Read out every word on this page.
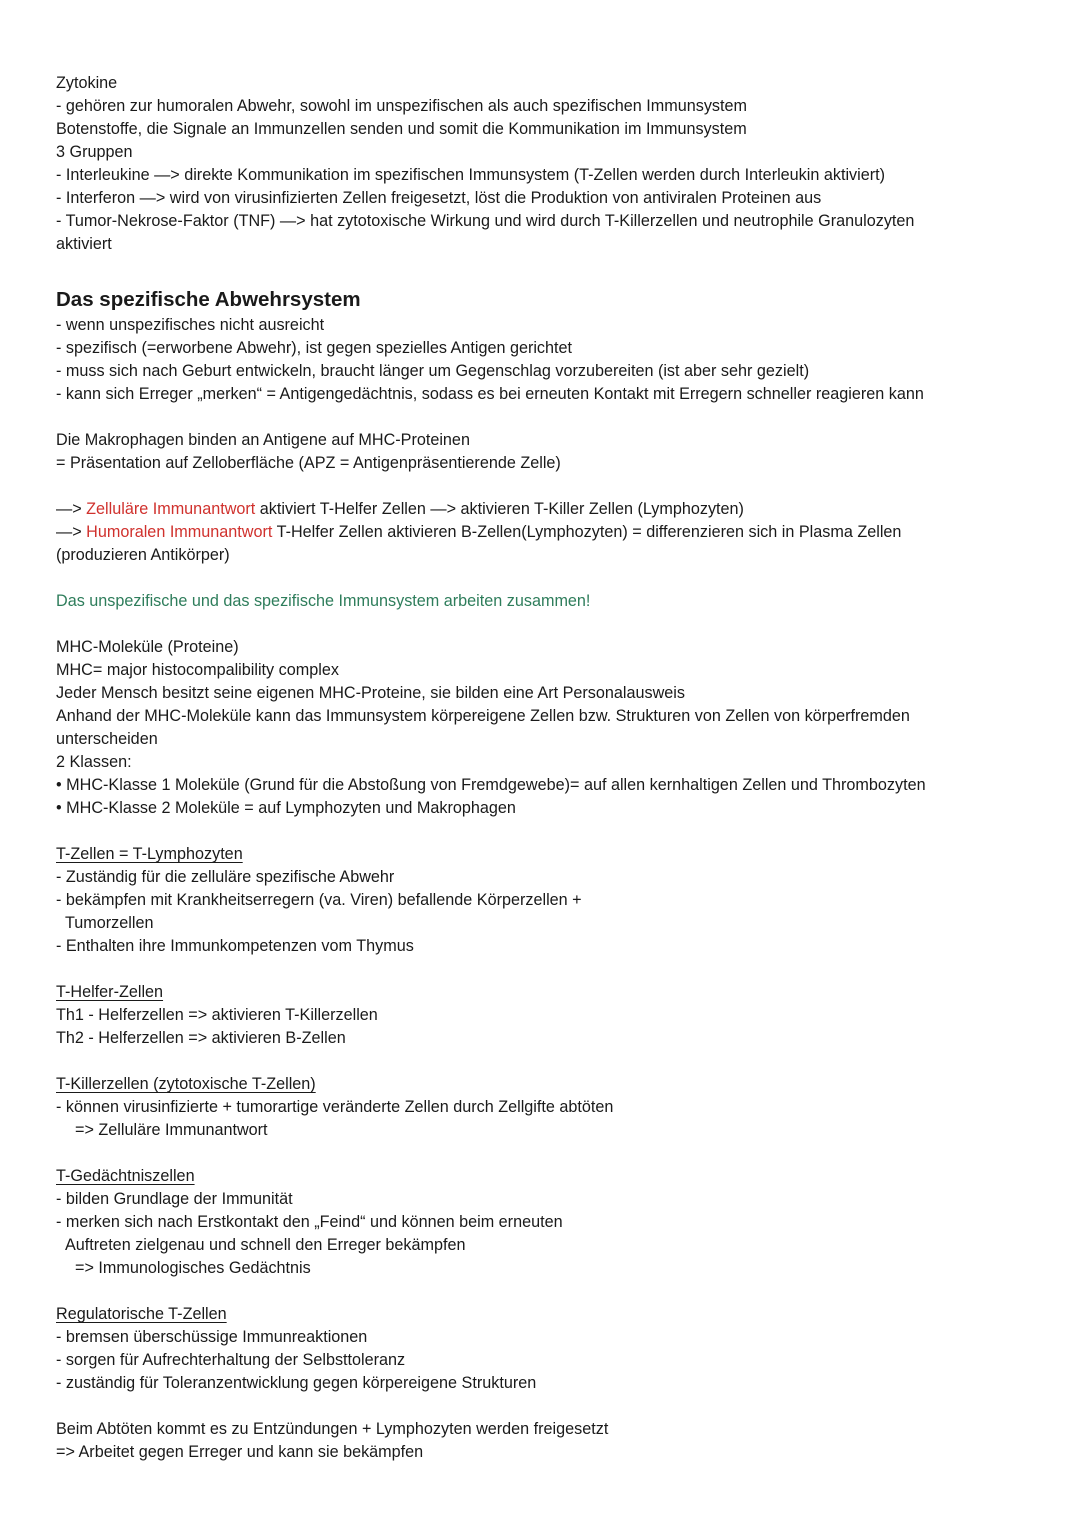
Zytokine
- gehören zur humoralen Abwehr, sowohl im unspezifischen als auch spezifischen Immunsystem
Botenstoffe, die Signale an Immunzellen senden und somit die Kommunikation im Immunsystem
3 Gruppen
- Interleukine —> direkte Kommunikation im spezifischen Immunsystem (T-Zellen werden durch Interleukin aktiviert)
- Interferon —> wird von virusinfizierten Zellen freigesetzt, löst die Produktion von antiviralen Proteinen aus
- Tumor-Nekrose-Faktor (TNF) —> hat zytotoxische Wirkung und wird durch T-Killerzellen und neutrophile Granulozyten
aktiviert
Das spezifische Abwehrsystem
- wenn unspezifisches nicht ausreicht
- spezifisch (=erworbene Abwehr), ist gegen spezielles Antigen gerichtet
- muss sich nach Geburt entwickeln, braucht länger um Gegenschlag vorzubereiten (ist aber sehr gezielt)
- kann sich Erreger „merken“ = Antigengedächtnis, sodass es bei erneuten Kontakt mit Erregern schneller reagieren kann
Die Makrophagen binden an Antigene auf MHC-Proteinen
= Präsentation auf Zelloberfläche (APZ = Antigenpräsentierende Zelle)
—> Zelluläre Immunantwort aktiviert T-Helfer Zellen —> aktivieren T-Killer Zellen (Lymphozyten)
—> Humoralen Immunantwort T-Helfer Zellen aktivieren B-Zellen(Lymphozyten) = differenzieren sich in Plasma Zellen
(produzieren Antikörper)
Das unspezifische und das spezifische Immunsystem arbeiten zusammen!
MHC-Moleküle (Proteine)
MHC= major histocompalibility complex
Jeder Mensch besitzt seine eigenen MHC-Proteine, sie bilden eine Art Personalausweis
Anhand der MHC-Moleküle kann das Immunsystem körpereigene Zellen bzw. Strukturen von Zellen von körperfremden
unterscheiden
2 Klassen:
• MHC-Klasse 1 Moleküle (Grund für die Abstoßung von Fremdgewebe)= auf allen kernhaltigen Zellen und Thrombozyten
• MHC-Klasse 2 Moleküle = auf Lymphozyten und Makrophagen
T-Zellen = T-Lymphozyten
- Zuständig für die zelluläre spezifische Abwehr
- bekämpfen mit Krankheitserregern (va. Viren) befallende Körperzellen +
Tumorzellen
- Enthalten ihre Immunkompetenzen vom Thymus
T-Helfer-Zellen
Th1 - Helferzellen => aktivieren T-Killerzellen
Th2 - Helferzellen => aktivieren B-Zellen
T-Killerzellen (zytotoxische T-Zellen)
- können virusinfizierte + tumorartige veränderte Zellen durch Zellgifte abtöten
=> Zelluläre Immunantwort
T-Gedächtniszellen
- bilden Grundlage der Immunität
- merken sich nach Erstkontakt den „Feind“ und können beim erneuten
Auftreten zielgenau und schnell den Erreger bekämpfen
=> Immunologisches Gedächtnis
Regulatorische T-Zellen
- bremsen überschüssige Immunreaktionen
- sorgen für Aufrechterhaltung der Selbsttoleranz
- zuständig für Toleranzentwicklung gegen körpereigene Strukturen
Beim Abtöten kommt es zu Entzündungen + Lymphozyten werden freigesetzt
=> Arbeitet gegen Erreger und kann sie bekämpfen
